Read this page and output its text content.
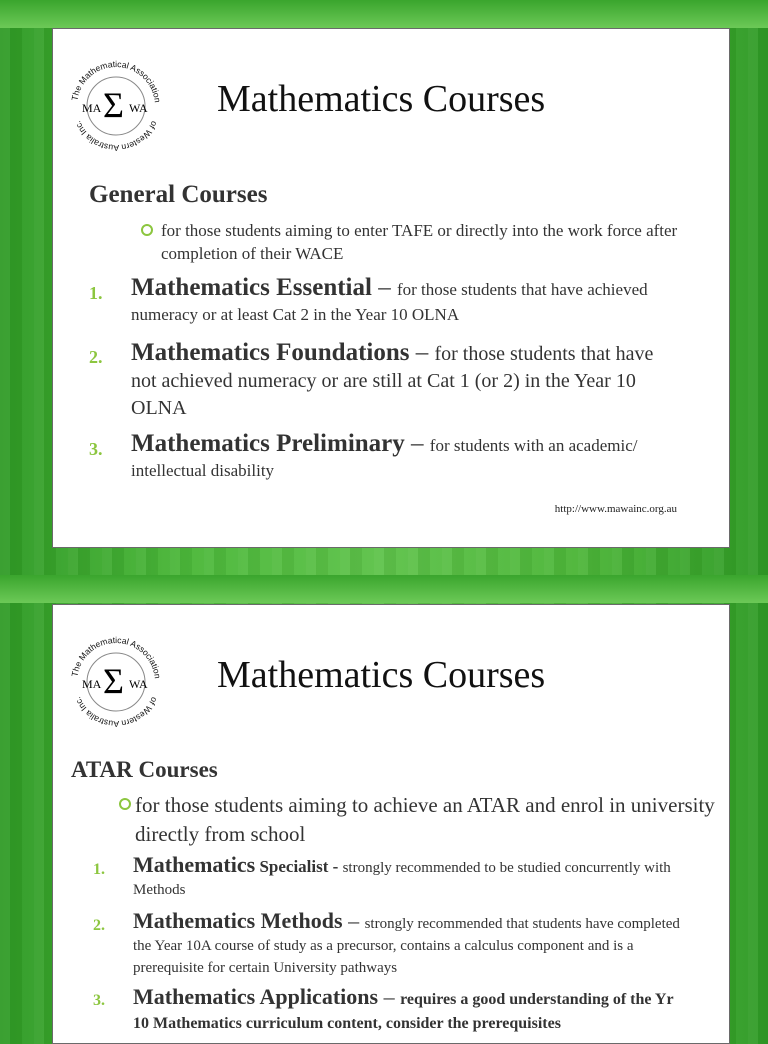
The Mathematical Association
of Western Australia Inc.
MA Σ WA Mathematics Courses
General Courses
for those students aiming to enter TAFE or directly into the work force after completion of their WACE
1.	Mathematics Essential – for those students that have achieved numeracy or at least Cat 2 in the Year 10 OLNA
2.	Mathematics Foundations – for those students that have not achieved numeracy or are still at Cat 1 (or 2) in the Year 10 OLNA
3.	Mathematics Preliminary – for students with an academic/ intellectual disability
http://www.mawainc.org.au
The Mathematical Association
of Western Australia Inc.
MA Σ WA Mathematics Courses
ATAR Courses
for those students aiming to achieve an ATAR and enrol in university directly from school
1.	Mathematics Specialist - strongly recommended to be studied concurrently with Methods
2.	Mathematics Methods – strongly recommended that students have completed the Year 10A course of study as a precursor, contains a calculus component and is a prerequisite for certain University pathways
3.	Mathematics Applications – requires a good understanding of the Yr 10 Mathematics curriculum content, consider the prerequisites
